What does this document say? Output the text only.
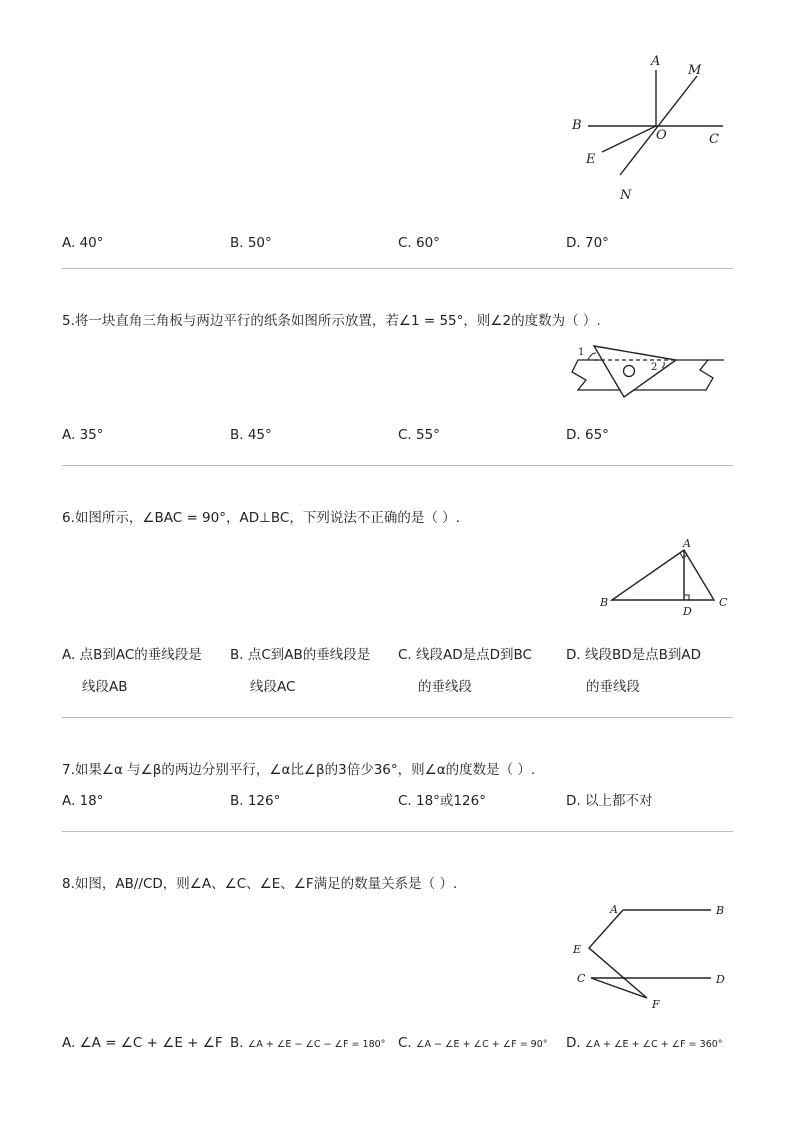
A
M
B
O	C
E
N
A. 40°	B. 50°	C. 60°	D. 70°
5.将一块直角三角板与两边平行的纸条如图所示放置，若∠1 = 55°，则∠2的度数为（ ）.
1
2
A. 35°	B. 45°	C. 55°	D. 65°
6.如图所示，∠BAC = 90°，AD⊥BC，下列说法不正确的是（ ）.
A
B	C
D
A. 点B到AC的垂线段是
线段AB
B. 点C到AB的垂线段是
线段AC
C. 线段AD是点D到BC
的垂线段
D. 线段BD是点B到AD
的垂线段
7.如果∠α 与∠β的两边分别平行，∠α比∠β的3倍少36°，则∠α的度数是（ ）.
A. 18°	B. 126°	C. 18°或126°	D. 以上都不对
8.如图，AB//CD，则∠A、∠C、∠E、∠F满足的数量关系是（ ）.
A	B
E
C	D
F
A. ∠A = ∠C + ∠E + ∠F B. ∠A + ∠E − ∠C − ∠F = 180° C. ∠A − ∠E + ∠C + ∠F = 90° D. ∠A + ∠E + ∠C + ∠F = 360°
